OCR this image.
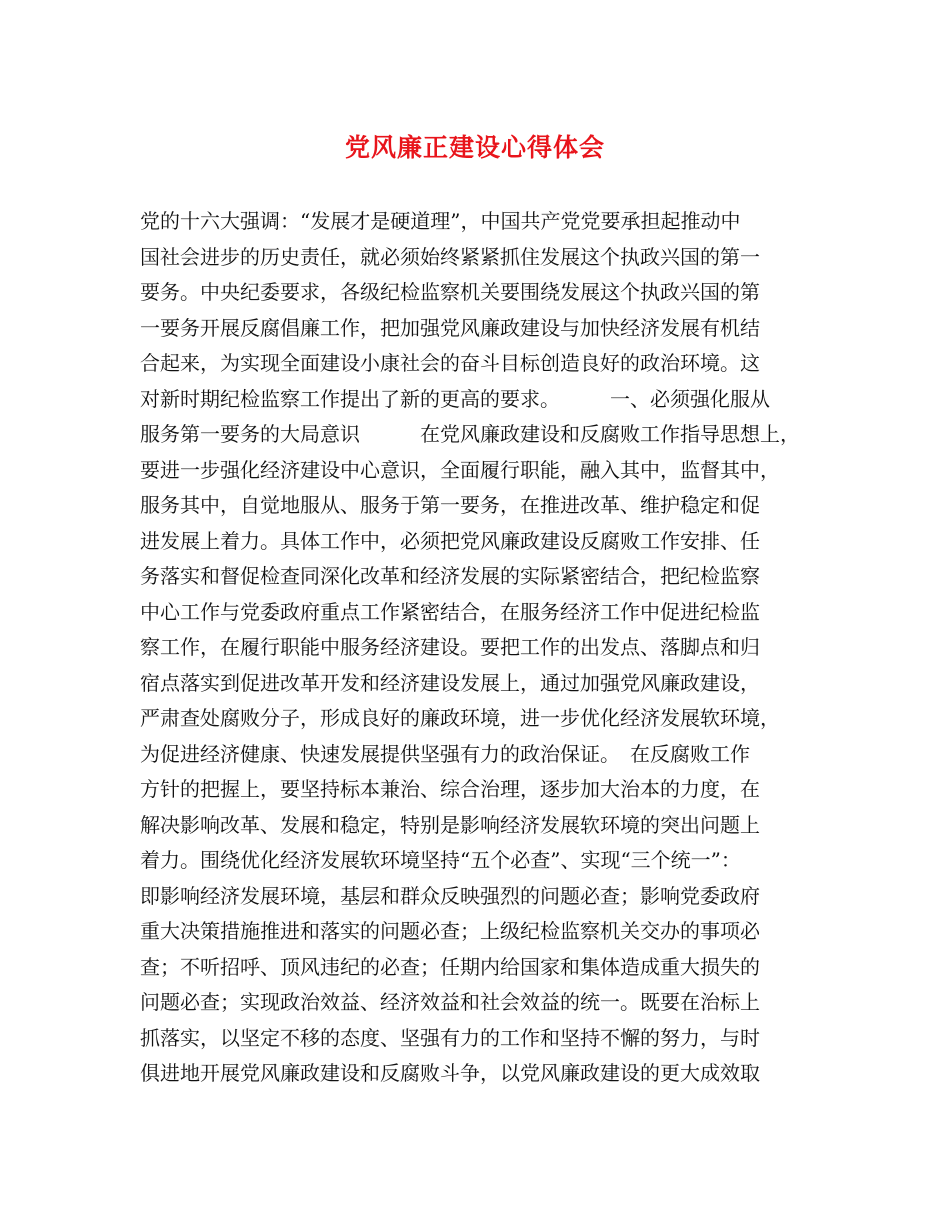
党风廉正建设心得体会
党的十六大强调：“发展才是硬道理”，中国共产党党要承担起推动中
国社会进步的历史责任，就必须始终紧紧抓住发展这个执政兴国的第一
要务。中央纪委要求，各级纪检监察机关要围绕发展这个执政兴国的第
一要务开展反腐倡廉工作，把加强党风廉政建设与加快经济发展有机结
合起来，为实现全面建设小康社会的奋斗目标创造良好的政治环境。这
对新时期纪检监察工作提出了新的更高的要求。　　　一、必须强化服从
服务第一要务的大局意识　　　在党风廉政建设和反腐败工作指导思想上，
要进一步强化经济建设中心意识，全面履行职能，融入其中，监督其中，
服务其中，自觉地服从、服务于第一要务，在推进改革、维护稳定和促
进发展上着力。具体工作中，必须把党风廉政建设反腐败工作安排、任
务落实和督促检查同深化改革和经济发展的实际紧密结合，把纪检监察
中心工作与党委政府重点工作紧密结合，在服务经济工作中促进纪检监
察工作，在履行职能中服务经济建设。要把工作的出发点、落脚点和归
宿点落实到促进改革开发和经济建设发展上，通过加强党风廉政建设，
严肃查处腐败分子，形成良好的廉政环境，进一步优化经济发展软环境，
为促进经济健康、快速发展提供坚强有力的政治保证。　在反腐败工作
方针的把握上，要坚持标本兼治、综合治理，逐步加大治本的力度，在
解决影响改革、发展和稳定，特别是影响经济发展软环境的突出问题上
着力。围绕优化经济发展软环境坚持“五个必查”、实现“三个统一”：
即影响经济发展环境，基层和群众反映强烈的问题必查；影响党委政府
重大决策措施推进和落实的问题必查；上级纪检监察机关交办的事项必
查；不听招呼、顶风违纪的必查；任期内给国家和集体造成重大损失的
问题必查；实现政治效益、经济效益和社会效益的统一。既要在治标上
抓落实，以坚定不移的态度、坚强有力的工作和坚持不懈的努力，与时
俱进地开展党风廉政建设和反腐败斗争，以党风廉政建设的更大成效取
